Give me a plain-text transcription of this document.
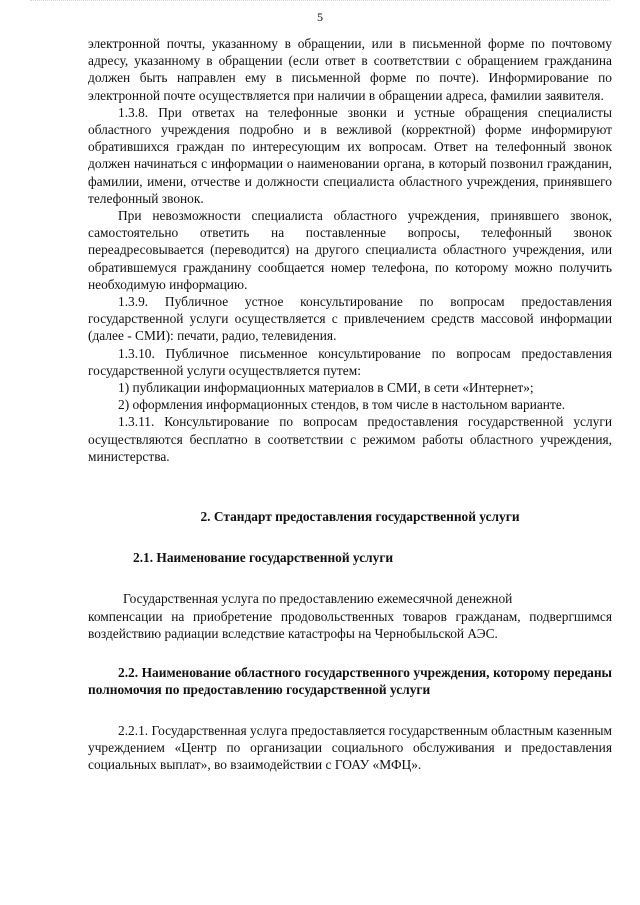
5

электронной почты, указанному в обращении, или в письменной форме по почтовому адресу, указанному в обращении (если ответ в соответствии с обращением гражданина должен быть направлен ему в письменной форме по почте). Информирование по электронной почте осуществляется при наличии в обращении адреса, фамилии заявителя.

1.3.8. При ответах на телефонные звонки и устные обращения специалисты областного учреждения подробно и в вежливой (корректной) форме информируют обратившихся граждан по интересующим их вопросам. Ответ на телефонный звонок должен начинаться с информации о наименовании органа, в который позвонил гражданин, фамилии, имени, отчестве и должности специалиста областного учреждения, принявшего телефонный звонок.

При невозможности специалиста областного учреждения, принявшего звонок, самостоятельно ответить на поставленные вопросы, телефонный звонок переадресовывается (переводится) на другого специалиста областного учреждения, или обратившемуся гражданину сообщается номер телефона, по которому можно получить необходимую информацию.

1.3.9. Публичное устное консультирование по вопросам предоставления государственной услуги осуществляется с привлечением средств массовой информации (далее - СМИ): печати, радио, телевидения.

1.3.10. Публичное письменное консультирование по вопросам предоставления государственной услуги осуществляется путем:

1) публикации информационных материалов в СМИ, в сети «Интернет»;

2) оформления информационных стендов, в том числе в настольном варианте.

1.3.11. Консультирование по вопросам предоставления государственной услуги осуществляются бесплатно в соответствии с режимом работы областного учреждения, министерства.

2. Стандарт предоставления государственной услуги

2.1. Наименование государственной услуги

Государственная услуга по предоставлению ежемесячной денежной

компенсации на приобретение продовольственных товаров гражданам, подвергшимся воздействию радиации вследствие катастрофы на Чернобыльской АЭС.

2.2. Наименование областного государственного учреждения, которому переданы полномочия по предоставлению государственной услуги

2.2.1. Государственная услуга предоставляется государственным областным казенным учреждением «Центр по организации социального обслуживания и предоставления социальных выплат», во взаимодействии с ГОАУ «МФЦ».
